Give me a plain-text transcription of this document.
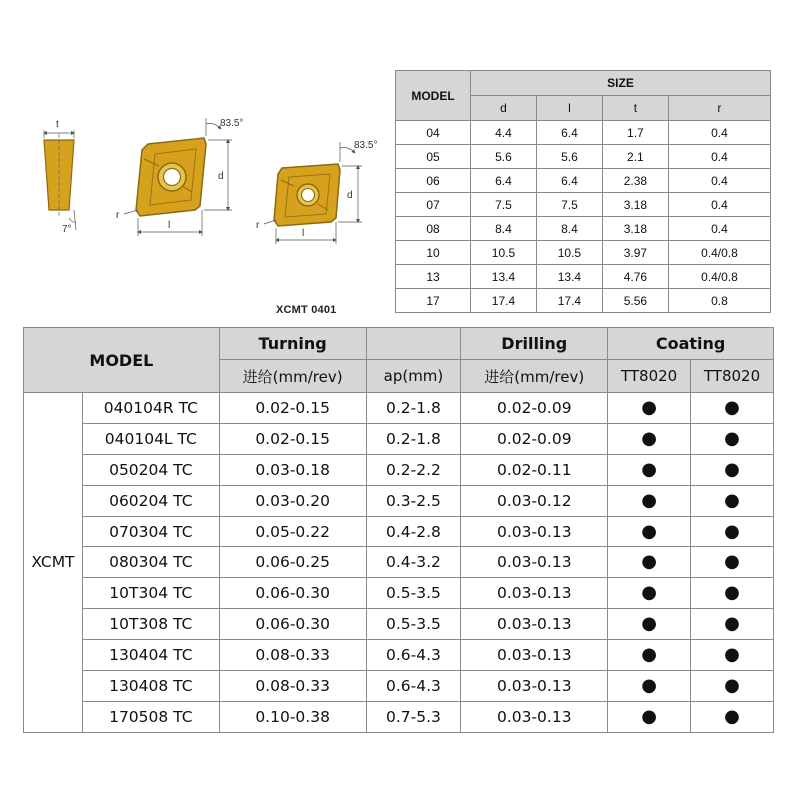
t
7°
d
l
83.5°
r
d
l
83.5°
r
XCMT 0401
MODEL	SIZE			
	d	l	t	r
04	4.4	6.4	1.7	0.4
05	5.6	5.6	2.1	0.4
06	6.4	6.4	2.38	0.4
07	7.5	7.5	3.18	0.4
08	8.4	8.4	3.18	0.4
10	10.5	10.5	3.97	0.4/0.8
13	13.4	13.4	4.76	0.4/0.8
17	17.4	17.4	5.56	0.8
MODEL		Turning		Drilling	Coating	
		进给(mm/rev)	ap(mm)	进给(mm/rev)	TT8020	TT8020
XCMT	040104R TC	0.02-0.15	0.2-1.8	0.02-0.09	●	●
	040104L TC	0.02-0.15	0.2-1.8	0.02-0.09	●	●
	050204 TC	0.03-0.18	0.2-2.2	0.02-0.11	●	●
	060204 TC	0.03-0.20	0.3-2.5	0.03-0.12	●	●
	070304 TC	0.05-0.22	0.4-2.8	0.03-0.13	●	●
	080304 TC	0.06-0.25	0.4-3.2	0.03-0.13	●	●
	10T304 TC	0.06-0.30	0.5-3.5	0.03-0.13	●	●
	10T308 TC	0.06-0.30	0.5-3.5	0.03-0.13	●	●
	130404 TC	0.08-0.33	0.6-4.3	0.03-0.13	●	●
	130408 TC	0.08-0.33	0.6-4.3	0.03-0.13	●	●
	170508 TC	0.10-0.38	0.7-5.3	0.03-0.13	●	●
